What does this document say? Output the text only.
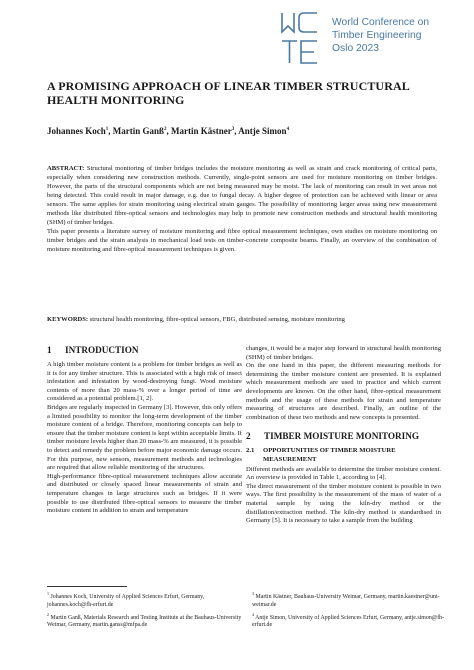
World Conference on
Timber Engineering
Oslo 2023
A PROMISING APPROACH OF LINEAR TIMBER STRUCTURAL HEALTH MONITORING
Johannes Koch$^1$, Martin Ganß$^2$, Martin Kästner$^3$, Antje Simon$^4$

ABSTRACT: Structural monitoring of timber bridges includes the moisture monitoring as well as strain and crack monitoring of critical parts, especially when considering new construction methods. Currently, single-point sensors are used for moisture monitoring on timber bridges. However, the parts of the structural components which are not being measured may be moist. The lack of monitoring can result in wet areas not being detected. This could result in major damage, e.g. due to fungal decay. A higher degree of protection can be achieved with linear or area sensors. The same applies for strain monitoring using electrical strain gauges. The possibility of monitoring larger areas using new measurement methods like distributed fibre-optical sensors and technologies may help to promote new construction methods and structural health monitoring (SHM) of timber bridges.

This paper presents a literature survey of moisture monitoring and fibre optical measurement techniques, own studies on moisture monitoring on timber bridges and the strain analysis in mechanical load tests on timber-concrete composite beams. Finally, an overview of the combination of moisture monitoring and fibre-optical measurement techniques is given.

KEYWORDS: structural health monitoring, fibre-optical sensors, FBG, distributed sensing, moisture monitoring
1 INTRODUCTION

A high timber moisture content is a problem for timber bridges as well as it is for any timber structure. This is associated with a high risk of insect infestation and infestation by wood-destroying fungi. Wood moisture contents of more than 20 mass-% over a longer period of time are considered as a potential problem.[1, 2].

Bridges are regularly inspected in Germany [3]. However, this only offers a limited possibility to monitor the long-term development of the timber moisture content of a bridge. Therefore, monitoring concepts can help to ensure that the timber moisture content is kept within acceptable limits. If timber moisture levels higher than 20 mass-% are measured, it is possible to detect and remedy the problem before major economic damage occurs. For this purpose, new sensors, measurement methods and technologies are required that allow reliable monitoring of the structures.

High-performance fibre-optical measurement techniques allow accurate and distributed or closely spaced linear measurements of strain and temperature changes in large structures such as bridges. If it were possible to use distributed fibre-optical sensors to measure the timber moisture content in addition to strain and temperature

changes, it would be a major step forward in structural health monitoring (SHM) of timber bridges.

On the one hand in this paper, the different measuring methods for determining the timber moisture content are presented. It is explained which measurement methods are used in practice and which current developments are known. On the other hand, fibre-optical measurement methods and the usage of these methods for strain and temperature measuring of structures are described. Finally, an outline of the combination of these two methods and new concepts is presented.

2 TIMBER MOISTURE MONITORING
2.1	OPPORTUNITIES OF TIMBER MOISTURE MEASUREMENT

Different methods are available to determine the timber moisture content. An overview is provided in Table 1, according to [4].

The direct measurement of the timber moisture content is possible in two ways. The first possibility is the measurement of the mass of water of a material sample by using the kiln-dry method or the distillation/extraction method. The kiln-dry method is standardised in Germany [5]. It is necessary to take a sample from the building

$^1$ Johannes Koch, University of Applied Sciences Erfurt, Germany, johannes.koch@fh-erfurt.de

$^2$ Martin Ganß, Materials Research and Testing Institute at the Bauhaus-University Weimar, Germany, martin.ganss@mfpa.de

$^3$ Martin Kästner, Bauhaus-University Weimar, Germany, martin.kaestner@uni-weimar.de

$^4$ Antje Simon, University of Applied Sciences Erfurt, Germany, antje.simon@fh-erfurt.de
